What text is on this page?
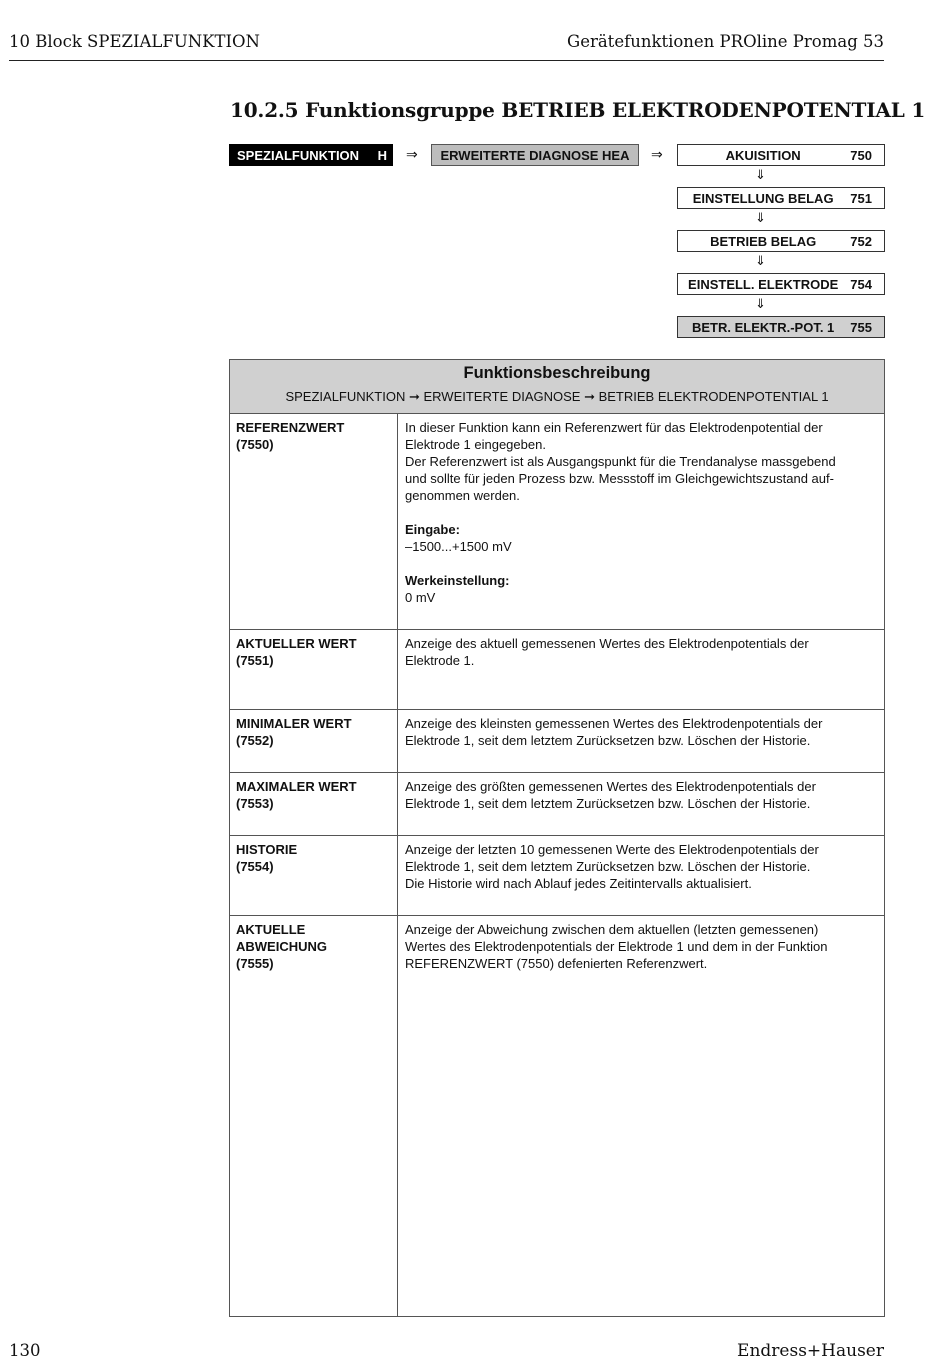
10 Block SPEZIALFUNKTION	Gerätefunktionen PROline Promag 53
10.2.5 Funktionsgruppe BETRIEB ELEKTRODENPOTENTIAL 1
SPEZIALFUNKTION H ⇒ ERWEITERTE DIAGNOSE HEA ⇒	AKUISITION	750
⇓
EINSTELLUNG BELAG	751
⇓
BETRIEB BELAG	752
⇓
EINSTELL. ELEKTRODE 754
⇓
BETR. ELEKTR.-POT. 1	755
Funktionsbeschreibung
SPEZIALFUNKTION ➞ ERWEITERTE DIAGNOSE ➞ BETRIEB ELEKTRODENPOTENTIAL 1
REFERENZWERT
(7550)

In dieser Funktion kann ein Referenzwert für das Elektrodenpotential der

Elektrode 1 eingegeben.

Der Referenzwert ist als Ausgangspunkt für die Trendanalyse massgebend

und sollte für jeden Prozess bzw. Messstoff im Gleichgewichtszustand auf-

genommen werden.

Eingabe:

–1500...+1500 mV

Werkeinstellung:

0 mV

AKTUELLER WERT
(7551)

Anzeige des aktuell gemessenen Wertes des Elektrodenpotentials der

Elektrode 1.

MINIMALER WERT
(7552)

Anzeige des kleinsten gemessenen Wertes des Elektrodenpotentials der

Elektrode 1, seit dem letztem Zurücksetzen bzw. Löschen der Historie.

MAXIMALER WERT
(7553)

Anzeige des größten gemessenen Wertes des Elektrodenpotentials der

Elektrode 1, seit dem letztem Zurücksetzen bzw. Löschen der Historie.

HISTORIE
(7554)

Anzeige der letzten 10 gemessenen Werte des Elektrodenpotentials der

Elektrode 1, seit dem letztem Zurücksetzen bzw. Löschen der Historie.

Die Historie wird nach Ablauf jedes Zeitintervalls aktualisiert.

AKTUELLE
ABWEICHUNG
(7555)

Anzeige der Abweichung zwischen dem aktuellen (letzten gemessenen)

Wertes des Elektrodenpotentials der Elektrode 1 und dem in der Funktion

REFERENZWERT (7550) defenierten Referenzwert.

130	Endress+Hauser
